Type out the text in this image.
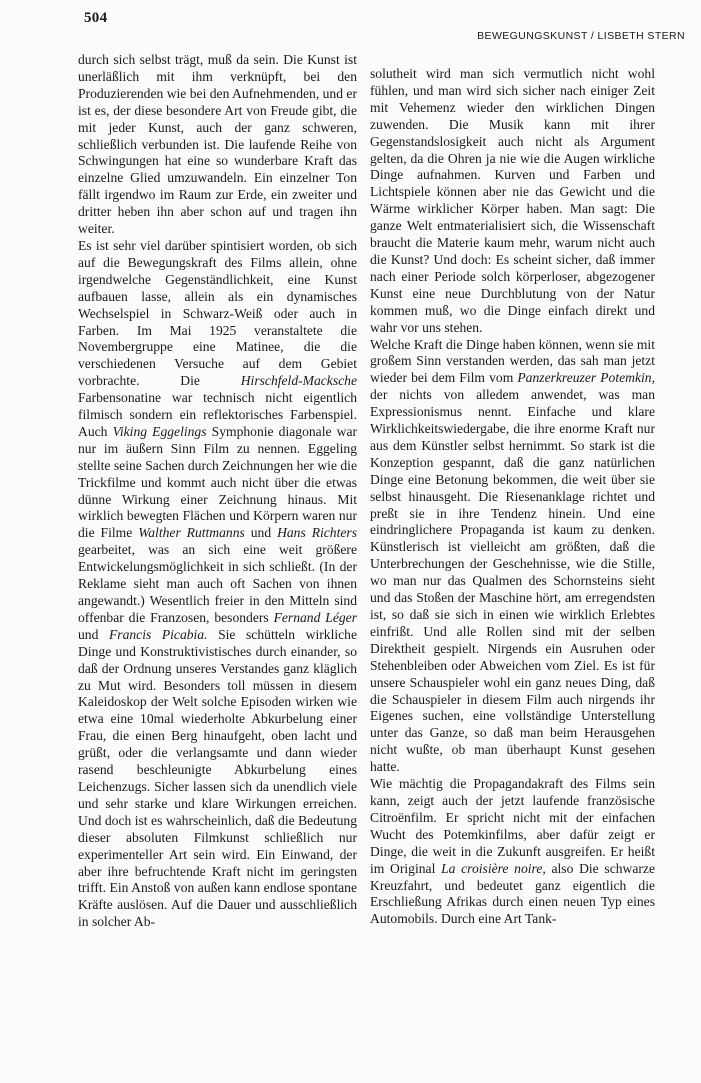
504
BEWEGUNGSKUNST / LISBETH STERN

durch sich selbst trägt, muß da sein. Die Kunst ist unerläßlich mit ihm verknüpft, bei den Produzierenden wie bei den Aufnehmenden, und er ist es, der diese besondere Art von Freude gibt, die mit jeder Kunst, auch der ganz schweren, schließlich verbunden ist. Die laufende Reihe von Schwingungen hat eine so wunderbare Kraft das einzelne Glied umzuwandeln. Ein einzelner Ton fällt irgendwo im Raum zur Erde, ein zweiter und dritter heben ihn aber schon auf und tragen ihn weiter.

Es ist sehr viel darüber spintisiert worden, ob sich auf die Bewegungskraft des Films allein, ohne irgendwelche Gegenständlichkeit, eine Kunst aufbauen lasse, allein als ein dynamisches Wechselspiel in Schwarz-Weiß oder auch in Farben. Im Mai 1925 veranstaltete die Novembergruppe eine Matinee, die die verschiedenen Versuche auf dem Gebiet vorbrachte. Die Hirschfeld-Macksche Farbensonatine war technisch nicht eigentlich filmisch sondern ein reflektorisches Farbenspiel. Auch Viking Eggelings Symphonie diagonale war nur im äußern Sinn Film zu nennen. Eggeling stellte seine Sachen durch Zeichnungen her wie die Trickfilme und kommt auch nicht über die etwas dünne Wirkung einer Zeichnung hinaus. Mit wirklich bewegten Flächen und Körpern waren nur die Filme Walther Ruttmanns und Hans Richters gearbeitet, was an sich eine weit größere Entwickelungsmöglichkeit in sich schließt. (In der Reklame sieht man auch oft Sachen von ihnen angewandt.) Wesentlich freier in den Mitteln sind offenbar die Franzosen, besonders Fernand Léger und Francis Picabia. Sie schütteln wirkliche Dinge und Konstruktivistisches durch einander, so daß der Ordnung unseres Verstandes ganz kläglich zu Mut wird. Besonders toll müssen in diesem Kaleidoskop der Welt solche Episoden wirken wie etwa eine 10mal wiederholte Abkurbelung einer Frau, die einen Berg hinaufgeht, oben lacht und grüßt, oder die verlangsamte und dann wieder rasend beschleunigte Abkurbelung eines Leichenzugs. Sicher lassen sich da unendlich viele und sehr starke und klare Wirkungen erreichen. Und doch ist es wahrscheinlich, daß die Bedeutung dieser absoluten Filmkunst schließlich nur experimenteller Art sein wird. Ein Einwand, der aber ihre befruchtende Kraft nicht im geringsten trifft. Ein Anstoß von außen kann endlose spontane Kräfte auslösen. Auf die Dauer und ausschließlich in solcher Ab-

solutheit wird man sich vermutlich nicht wohl fühlen, und man wird sich sicher nach einiger Zeit mit Vehemenz wieder den wirklichen Dingen zuwenden. Die Musik kann mit ihrer Gegenstandslosigkeit auch nicht als Argument gelten, da die Ohren ja nie wie die Augen wirkliche Dinge aufnahmen. Kurven und Farben und Lichtspiele können aber nie das Gewicht und die Wärme wirklicher Körper haben. Man sagt: Die ganze Welt entmaterialisiert sich, die Wissenschaft braucht die Materie kaum mehr, warum nicht auch die Kunst? Und doch: Es scheint sicher, daß immer nach einer Periode solch körperloser, abgezogener Kunst eine neue Durchblutung von der Natur kommen muß, wo die Dinge einfach direkt und wahr vor uns stehen.

Welche Kraft die Dinge haben können, wenn sie mit großem Sinn verstanden werden, das sah man jetzt wieder bei dem Film vom Panzerkreuzer Potemkin, der nichts von alledem anwendet, was man Expressionismus nennt. Einfache und klare Wirklichkeitswiedergabe, die ihre enorme Kraft nur aus dem Künstler selbst hernimmt. So stark ist die Konzeption gespannt, daß die ganz natürlichen Dinge eine Betonung bekommen, die weit über sie selbst hinausgeht. Die Riesenanklage richtet und preßt sie in ihre Tendenz hinein. Und eine eindringlichere Propaganda ist kaum zu denken. Künstlerisch ist vielleicht am größten, daß die Unterbrechungen der Geschehnisse, wie die Stille, wo man nur das Qualmen des Schornsteins sieht und das Stoßen der Maschine hört, am erregendsten ist, so daß sie sich in einen wie wirklich Erlebtes einfrißt. Und alle Rollen sind mit der selben Direktheit gespielt. Nirgends ein Ausruhen oder Stehenbleiben oder Abweichen vom Ziel. Es ist für unsere Schauspieler wohl ein ganz neues Ding, daß die Schauspieler in diesem Film auch nirgends ihr Eigenes suchen, eine vollständige Unterstellung unter das Ganze, so daß man beim Herausgehen nicht wußte, ob man überhaupt Kunst gesehen hatte.

Wie mächtig die Propagandakraft des Films sein kann, zeigt auch der jetzt laufende französische Citroënfilm. Er spricht nicht mit der einfachen Wucht des Potemkinfilms, aber dafür zeigt er Dinge, die weit in die Zukunft ausgreifen. Er heißt im Original La croisière noire, also Die schwarze Kreuzfahrt, und bedeutet ganz eigentlich die Erschließung Afrikas durch einen neuen Typ eines Automobils. Durch eine Art Tank-
